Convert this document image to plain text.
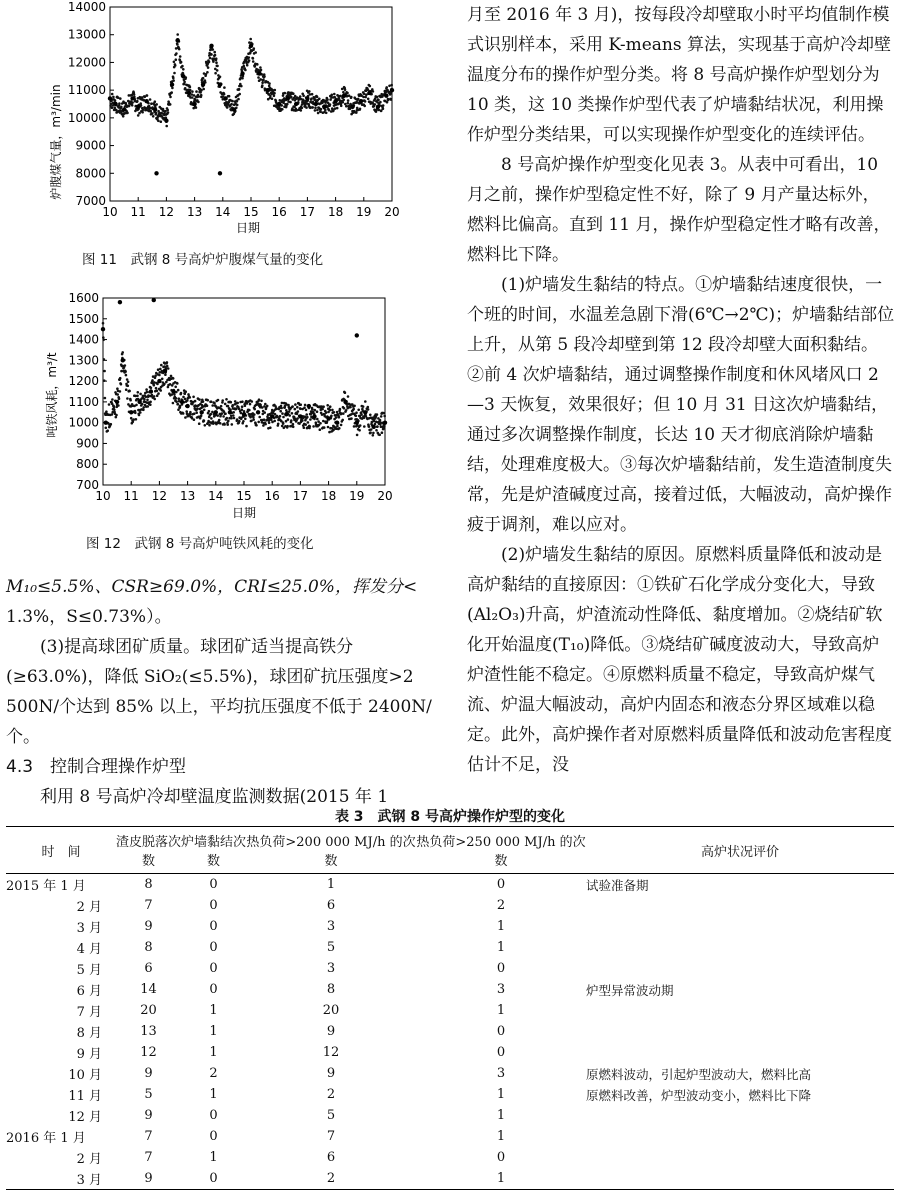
炉腹煤气量，m³/min
日期
10 11 12 13 14 15 16 17 18 19 20
7000
8000
9000
10000
11000
12000
13000
14000
图 11　武钢 8 号高炉炉腹煤气量的变化
吨铁风耗，m³/t
日期
10 11 12 13 14 15 16 17 18 19 20
700
800
900
1000
1100
1200
1300
1400
1500
1600
图 12　武钢 8 号高炉吨铁风耗的变化

M₁₀≤5.5%、CSR≥69.0%，CRI≤25.0%，挥发分<

1.3%，S≤0.73%）。

(3)提高球团矿质量。球团矿适当提高铁分(≥63.0%)，降低 SiO₂(≤5.5%)，球团矿抗压强度>2 500N/个达到 85% 以上，平均抗压强度不低于 2400N/个。

4.3　控制合理操作炉型

利用 8 号高炉冷却壁温度监测数据(2015 年 1

月至 2016 年 3 月)，按每段冷却壁取小时平均值制作模式识别样本，采用 K-means 算法，实现基于高炉冷却壁温度分布的操作炉型分类。将 8 号高炉操作炉型划分为 10 类，这 10 类操作炉型代表了炉墙黏结状况，利用操作炉型分类结果，可以实现操作炉型变化的连续评估。

8 号高炉操作炉型变化见表 3。从表中可看出，10 月之前，操作炉型稳定性不好，除了 9 月产量达标外，燃料比偏高。直到 11 月，操作炉型稳定性才略有改善，燃料比下降。

(1)炉墙发生黏结的特点。①炉墙黏结速度很快，一个班的时间，水温差急剧下滑(6℃→2℃)；炉墙黏结部位上升，从第 5 段冷却壁到第 12 段冷却壁大面积黏结。②前 4 次炉墙黏结，通过调整操作制度和休风堵风口 2—3 天恢复，效果很好；但 10 月 31 日这次炉墙黏结，通过多次调整操作制度，长达 10 天才彻底消除炉墙黏结，处理难度极大。③每次炉墙黏结前，发生造渣制度失常，先是炉渣碱度过高，接着过低，大幅波动，高炉操作疲于调剂，难以应对。

(2)炉墙发生黏结的原因。原燃料质量降低和波动是高炉黏结的直接原因：①铁矿石化学成分变化大，导致(Al₂O₃)升高，炉渣流动性降低、黏度增加。②烧结矿软化开始温度(T₁₀)降低。③烧结矿碱度波动大，导致高炉炉渣性能不稳定。④原燃料质量不稳定，导致高炉煤气流、炉温大幅波动，高炉内固态和液态分界区域难以稳定。此外，高炉操作者对原燃料质量降低和波动危害程度估计不足，没

表 3　武钢 8 号高炉操作炉型的变化
时　间	渣皮脱落次数	炉墙黏结次数	热负荷>200 000 MJ/h 的次数	热负荷>250 000 MJ/h 的次数	高炉状况评价
2015 年 1 月	8	0	1	0	试验准备期
2 月	7	0	6	2	
3 月	9	0	3	1	
4 月	8	0	5	1	
5 月	6	0	3	0	
6 月	14	0	8	3	炉型异常波动期
7 月	20	1	20	1	
8 月	13	1	9	0	
9 月	12	1	12	0	
10 月	9	2	9	3	原燃料波动，引起炉型波动大，燃料比高
11 月	5	1	2	1	原燃料改善，炉型波动变小，燃料比下降
12 月	9	0	5	1	
2016 年 1 月	7	0	7	1	
2 月	7	1	6	0	
3 月	9	0	2	1	
